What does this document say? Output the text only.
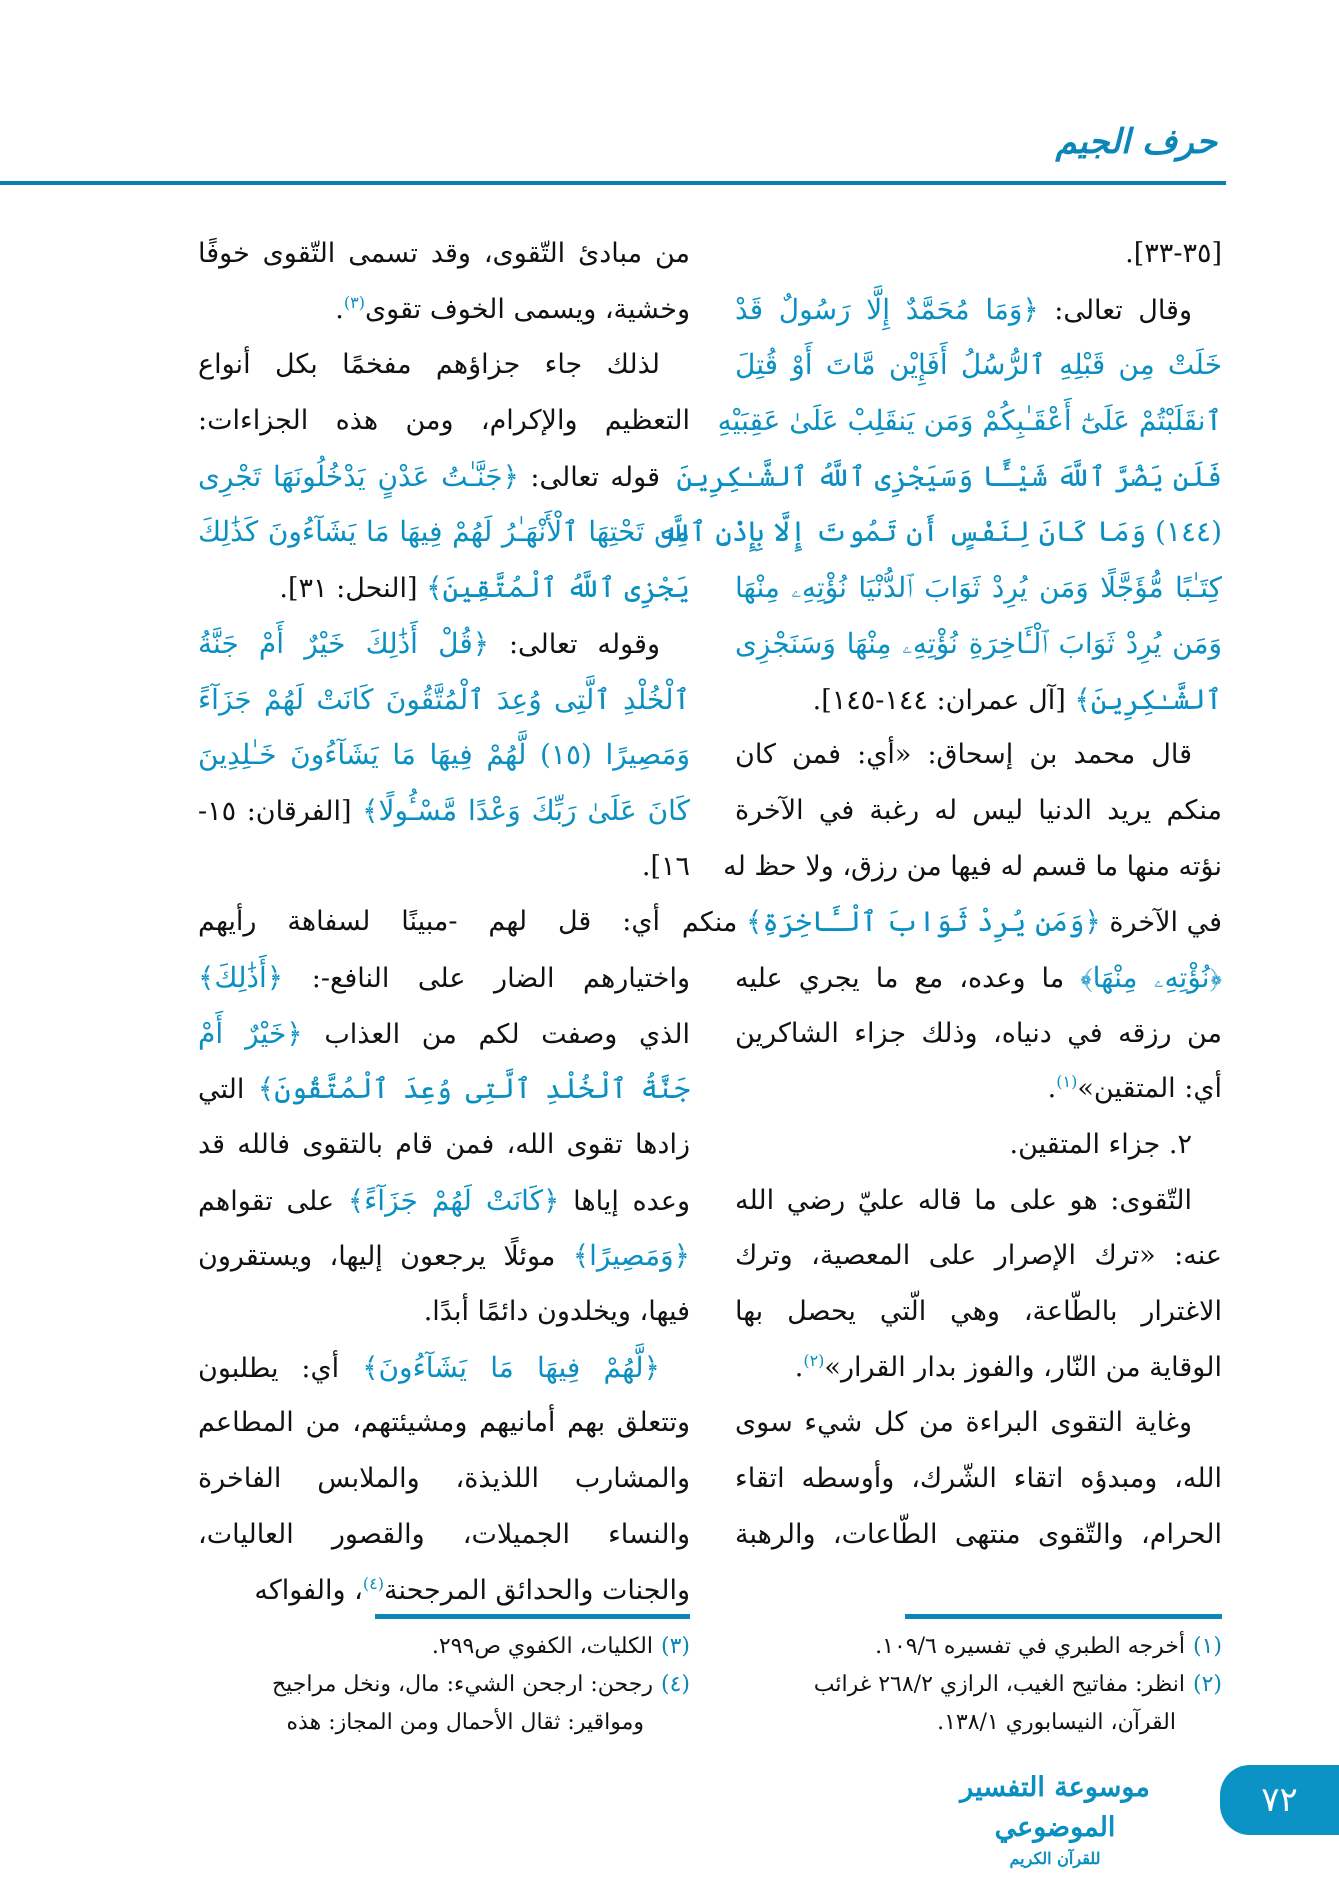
حرف الجيم
[٣٥-٣٣].
وقال تعالى: ﴿وَمَا مُحَمَّدٌ إِلَّا رَسُولٌ قَدْ
خَلَتْ مِن قَبْلِهِ ٱلرُّسُلُ أَفَإِيْن مَّاتَ أَوْ قُتِلَ
ٱنقَلَبْتُمْ عَلَىٰٓ أَعْقَـٰبِكُمْ وَمَن يَنقَلِبْ عَلَىٰ عَقِبَيْهِ
فَلَن يَضُرَّ ٱللَّهَ شَيْـًٔا وَسَيَجْزِى ٱللَّهُ ٱلشَّـٰكِرِينَ
(١٤٤) وَمَا كَانَ لِنَفْسٍ أَن تَمُوتَ إِلَّا بِإِذْنِ ٱللَّهِ
كِتَـٰبًا مُّؤَجَّلًا وَمَن يُرِدْ ثَوَابَ ٱلدُّنْيَا نُؤْتِهِۦ مِنْهَا
وَمَن يُرِدْ ثَوَابَ ٱلْـَٔاخِرَةِ نُؤْتِهِۦ مِنْهَا وَسَنَجْزِى
ٱلشَّـٰكِرِينَ﴾ [آل عمران: ١٤٤-١٤٥].
قال محمد بن إسحاق: «أي: فمن كان
منكم يريد الدنيا ليس له رغبة في الآخرة
نؤته منها ما قسم له فيها من رزق، ولا حظ له
في الآخرة ﴿وَمَن يُرِدْ ثَوَابَ ٱلْـَٔاخِرَةِ﴾ منكم
﴿نُؤْتِهِۦ مِنْهَا﴾ ما وعده، مع ما يجري عليه
من رزقه في دنياه، وذلك جزاء الشاكرين
أي: المتقين»$^{(١)}$.
٢. جزاء المتقين.
التّقوى: هو على ما قاله عليّ رضي الله
عنه: «ترك الإصرار على المعصية، وترك
الاغترار بالطّاعة، وهي الّتي يحصل بها
الوقاية من النّار، والفوز بدار القرار»$^{(٢)}$.
وغاية التقوى البراءة من كل شيء سوى
الله، ومبدؤه اتقاء الشّرك، وأوسطه اتقاء
الحرام، والتّقوى منتهى الطّاعات، والرهبة
من مبادئ التّقوى، وقد تسمى التّقوى خوفًا
وخشية، ويسمى الخوف تقوى$^{(٣)}$.
لذلك جاء جزاؤهم مفخمًا بكل أنواع
التعظيم والإكرام، ومن هذه الجزاءات:
قوله تعالى: ﴿جَنَّـٰتُ عَدْنٍ يَدْخُلُونَهَا تَجْرِى
مِن تَحْتِهَا ٱلْأَنْهَـٰرُ لَهُمْ فِيهَا مَا يَشَآءُونَ كَذَٰلِكَ
يَجْزِى ٱللَّهُ ٱلْمُتَّقِينَ﴾ [النحل: ٣١].
وقوله تعالى: ﴿قُلْ أَذَٰلِكَ خَيْرٌ أَمْ جَنَّةُ
ٱلْخُلْدِ ٱلَّتِى وُعِدَ ٱلْمُتَّقُونَ كَانَتْ لَهُمْ جَزَآءً
وَمَصِيرًا (١٥) لَّهُمْ فِيهَا مَا يَشَآءُونَ خَـٰلِدِينَ
كَانَ عَلَىٰ رَبِّكَ وَعْدًا مَّسْـُٔولًا﴾ [الفرقان: ١٥-
١٦].
أي: قل لهم -مبينًا لسفاهة رأيهم
واختيارهم الضار على النافع-: ﴿أَذَٰلِكَ﴾
الذي وصفت لكم من العذاب ﴿خَيْرٌ أَمْ
جَنَّةُ ٱلْخُلْدِ ٱلَّتِى وُعِدَ ٱلْمُتَّقُونَ﴾ التي
زادها تقوى الله، فمن قام بالتقوى فالله قد
وعده إياها ﴿كَانَتْ لَهُمْ جَزَآءً﴾ على تقواهم
﴿وَمَصِيرًا﴾ موئلًا يرجعون إليها، ويستقرون
فيها، ويخلدون دائمًا أبدًا.
﴿لَّهُمْ فِيهَا مَا يَشَآءُونَ﴾ أي: يطلبون
وتتعلق بهم أمانيهم ومشيئتهم، من المطاعم
والمشارب اللذيذة، والملابس الفاخرة
والنساء الجميلات، والقصور العاليات،
والجنات والحدائق المرجحنة$^{(٤)}$، والفواكه
(١)أخرجه الطبري في تفسيره ١٠٩/٦.
(٢)انظر: مفاتيح الغيب، الرازي ٢٦٨/٢ غرائب
القرآن، النيسابوري ١٣٨/١.
(٣)الكليات، الكفوي ص٢٩٩.
(٤)رجحن: ارجحن الشيء: مال، ونخل مراجيح
ومواقير: ثقال الأحمال ومن المجاز: هذه
موسوعة التفسير الموضوعي
للقرآن الكريم
٧٢
